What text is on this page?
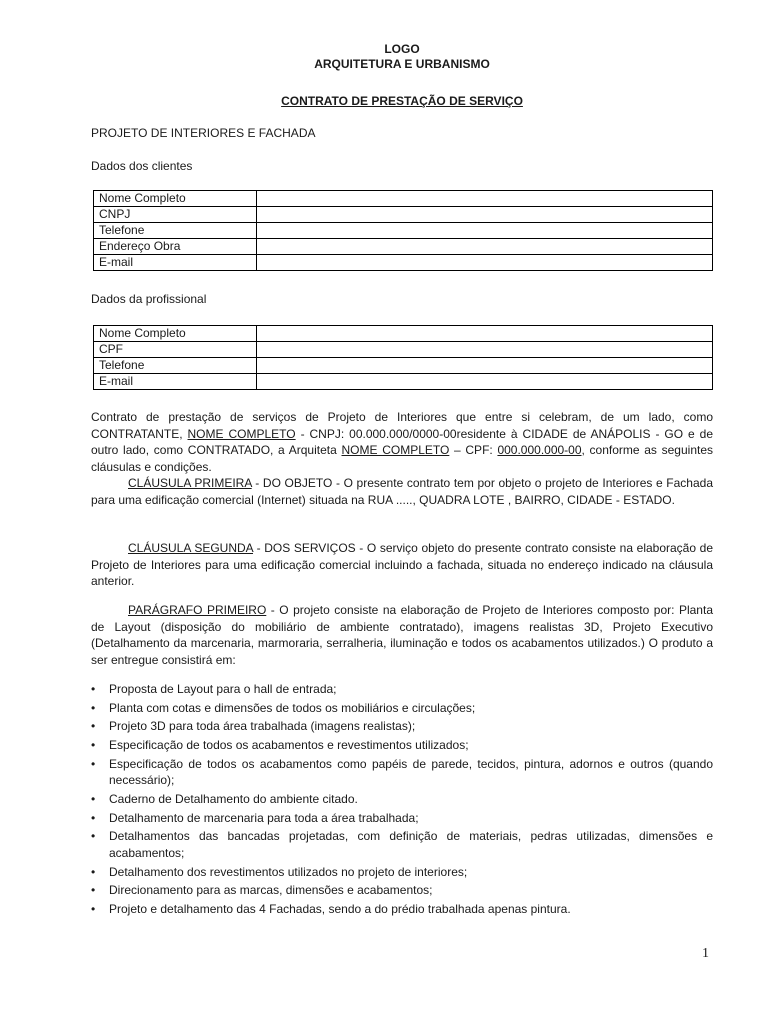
LOGO
ARQUITETURA E URBANISMO
CONTRATO DE PRESTAÇÃO DE SERVIÇO
PROJETO DE INTERIORES E FACHADA
Dados dos clientes
Nome Completo	
CNPJ	
Telefone	
Endereço Obra	
E-mail	
Dados da profissional
Nome Completo	
CPF	
Telefone	
E-mail	
Contrato de prestação de serviços de Projeto de Interiores que entre si celebram, de um lado, como CONTRATANTE, NOME COMPLETO - CNPJ: 00.000.000/0000-00residente à CIDADE de ANÁPOLIS - GO e de outro lado, como CONTRATADO, a Arquiteta NOME COMPLETO – CPF: 000.000.000-00, conforme as seguintes cláusulas e condições.
CLÁUSULA PRIMEIRA - DO OBJETO - O presente contrato tem por objeto o projeto de Interiores e Fachada para uma edificação comercial (Internet) situada na RUA ....., QUADRA LOTE , BAIRRO, CIDADE - ESTADO.
CLÁUSULA SEGUNDA - DOS SERVIÇOS - O serviço objeto do presente contrato consiste na elaboração de Projeto de Interiores para uma edificação comercial incluindo a fachada, situada no endereço indicado na cláusula anterior.
PARÁGRAFO PRIMEIRO - O projeto consiste na elaboração de Projeto de Interiores composto por: Planta de Layout (disposição do mobiliário de ambiente contratado), imagens realistas 3D, Projeto Executivo (Detalhamento da marcenaria, marmoraria, serralheria, iluminação e todos os acabamentos utilizados.) O produto a ser entregue consistirá em:
• Proposta de Layout para o hall de entrada;
• Planta com cotas e dimensões de todos os mobiliários e circulações;
• Projeto 3D para toda área trabalhada (imagens realistas);
• Especificação de todos os acabamentos e revestimentos utilizados;
• Especificação de todos os acabamentos como papéis de parede, tecidos, pintura, adornos e outros (quando necessário);
• Caderno de Detalhamento do ambiente citado.
• Detalhamento de marcenaria para toda a área trabalhada;
• Detalhamentos das bancadas projetadas, com definição de materiais, pedras utilizadas, dimensões e acabamentos;
• Detalhamento dos revestimentos utilizados no projeto de interiores;
• Direcionamento para as marcas, dimensões e acabamentos;
• Projeto e detalhamento das 4 Fachadas, sendo a do prédio trabalhada apenas pintura.
1
